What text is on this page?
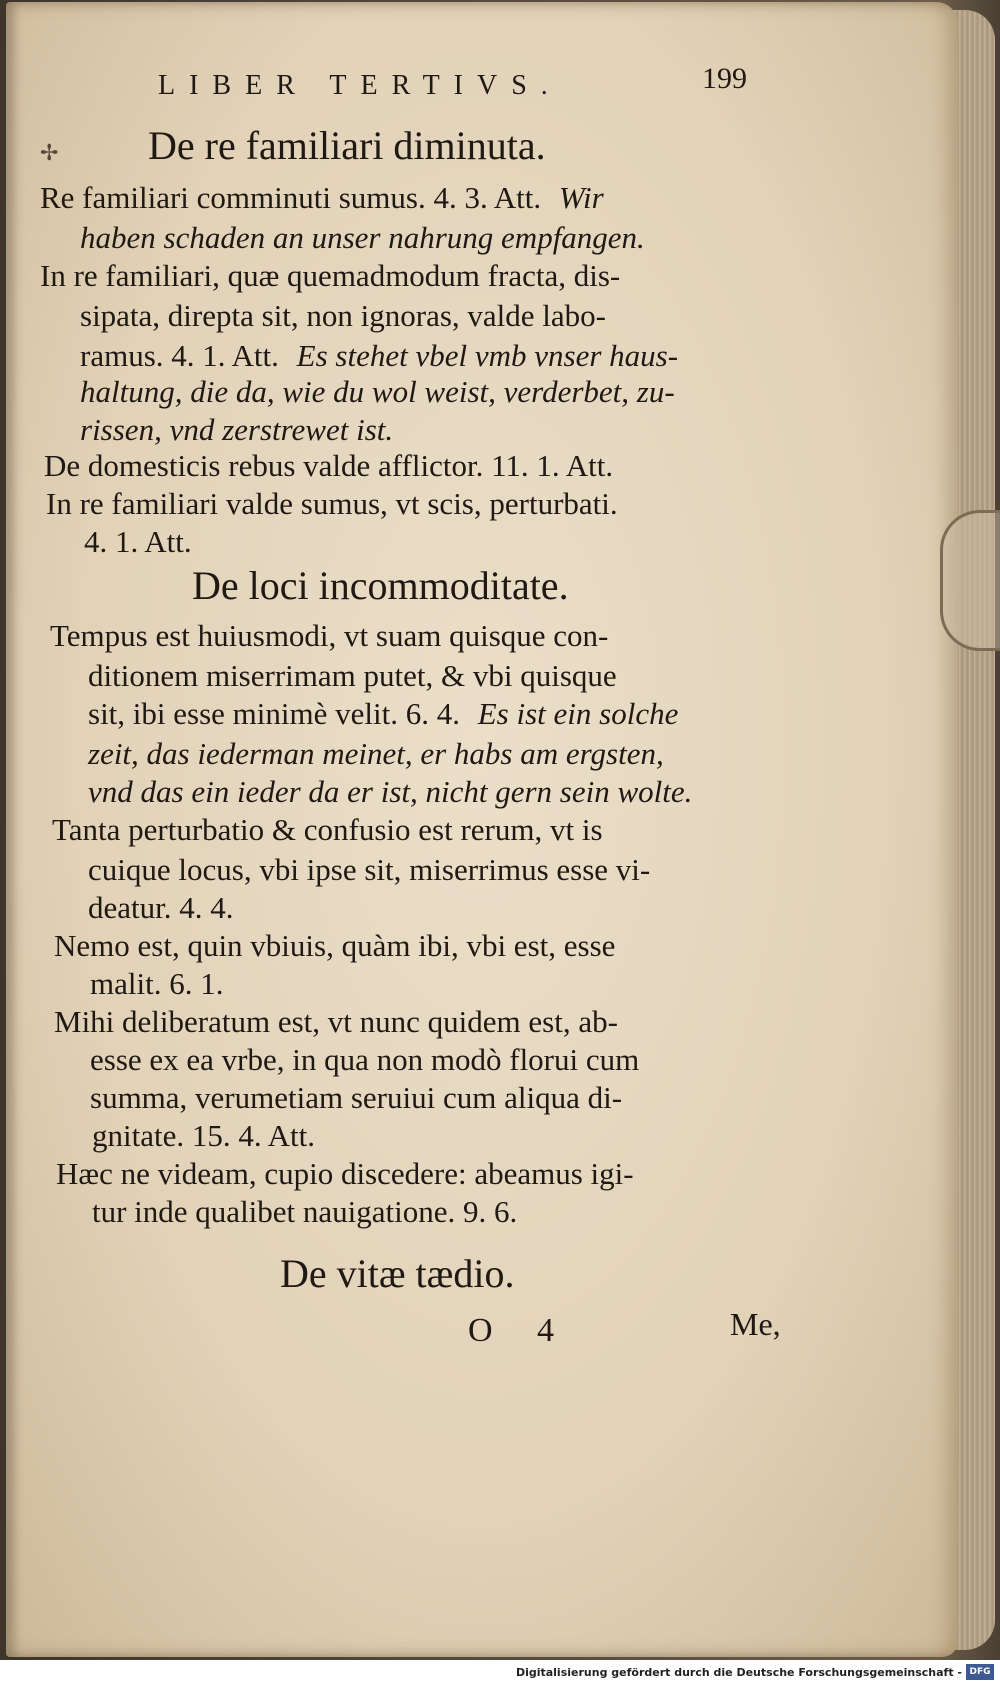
LIBER TERTIVS.	199
✢ De re familiari diminuta.
Re familiari comminuti sumus. 4. 3. Att. Wir
haben schaden an unser nahrung empfangen.
In re familiari, quæ quemadmodum fracta, dis-
sipata, direpta sit, non ignoras, valde labo-
ramus. 4. 1. Att. Es stehet vbel vmb vnser haus-
haltung, die da, wie du wol weist, verderbet, zu-
rissen, vnd zerstrewet ist.
De domesticis rebus valde afflictor. 11. 1. Att.
In re familiari valde sumus, vt scis, perturbati.
4. 1. Att.
De loci incommoditate.
Tempus est huiusmodi, vt suam quisque con-
ditionem miserrimam putet, & vbi quisque
sit, ibi esse minimè velit. 6. 4. Es ist ein solche
zeit, das iederman meinet, er habs am ergsten,
vnd das ein ieder da er ist, nicht gern sein wolte.
Tanta perturbatio & confusio est rerum, vt is
cuique locus, vbi ipse sit, miserrimus esse vi-
deatur. 4. 4.
Nemo est, quin vbiuis, quàm ibi, vbi est, esse
malit. 6. 1.
Mihi deliberatum est, vt nunc quidem est, ab-
esse ex ea vrbe, in qua non modò florui cum
summa, verumetiam seruiui cum aliqua di-
gnitate. 15. 4. Att.
Hæc ne videam, cupio discedere: abeamus igi-
tur inde qualibet nauigatione. 9. 6.
De vitæ tædio.
O 4	Me,
Digitalisierung gefördert durch die Deutsche Forschungsgemeinschaft - DFG
